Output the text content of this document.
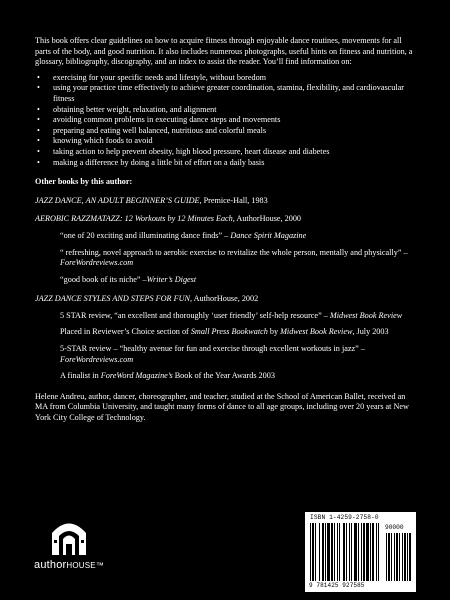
This book offers clear guidelines on how to acquire fitness through enjoyable dance routines, movements for all parts of the body, and good nutrition. It also includes numerous photographs, useful hints on fitness and nutrition, a glossary, bibliography, discography, and an index to assist the reader. You’ll find information on:

• exercising for your specific needs and lifestyle, without boredom
• using your practice time effectively to achieve greater coordination, stamina, flexibility, and cardiovascular fitness
• obtaining better weight, relaxation, and alignment
• avoiding common problems in executing dance steps and movements
• preparing and eating well balanced, nutritious and colorful meals
• knowing which foods to avoid
• taking action to help prevent obesity, high blood pressure, heart disease and diabetes
• making a difference by doing a little bit of effort on a daily basis

Other books by this author:

JAZZ DANCE, AN ADULT BEGINNER’S GUIDE, Premice-Hall, 1983

AEROBIC RAZZMATAZZ: 12 Workouts by 12 Minutes Each, AuthorHouse, 2000

“one of 20 exciting and illuminating dance finds” – Dance Spirit Magazine

“ refreshing, novel approach to aerobic exercise to revitalize the whole person, mentally and physically” – ForeWordreviews.com

“good book of its niche” –Writer’s Digest

JAZZ DANCE STYLES AND STEPS FOR FUN, AuthorHouse, 2002

5 STAR review, “an excellent and thoroughly ‘user friendly’ self-help resource” – Midwest Book Review

Placed in Reviewer’s Choice section of Small Press Bookwatch by Midwest Book Review, July 2003

5-STAR review – “healthy avenue for fun and exercise through excellent workouts in jazz” – ForeWordreviews.com

A finalist in ForeWord Magazine’s Book of the Year Awards 2003

Helene Andreu, author, dancer, choreographer, and teacher, studied at the School of American Ballet, received an MA from Columbia University, and taught many forms of dance to all age groups, including over 20 years at New York City College of Technology.

authorHOUSE™
ISBN 1-4259-2758-0
90000
9 781425 927585
